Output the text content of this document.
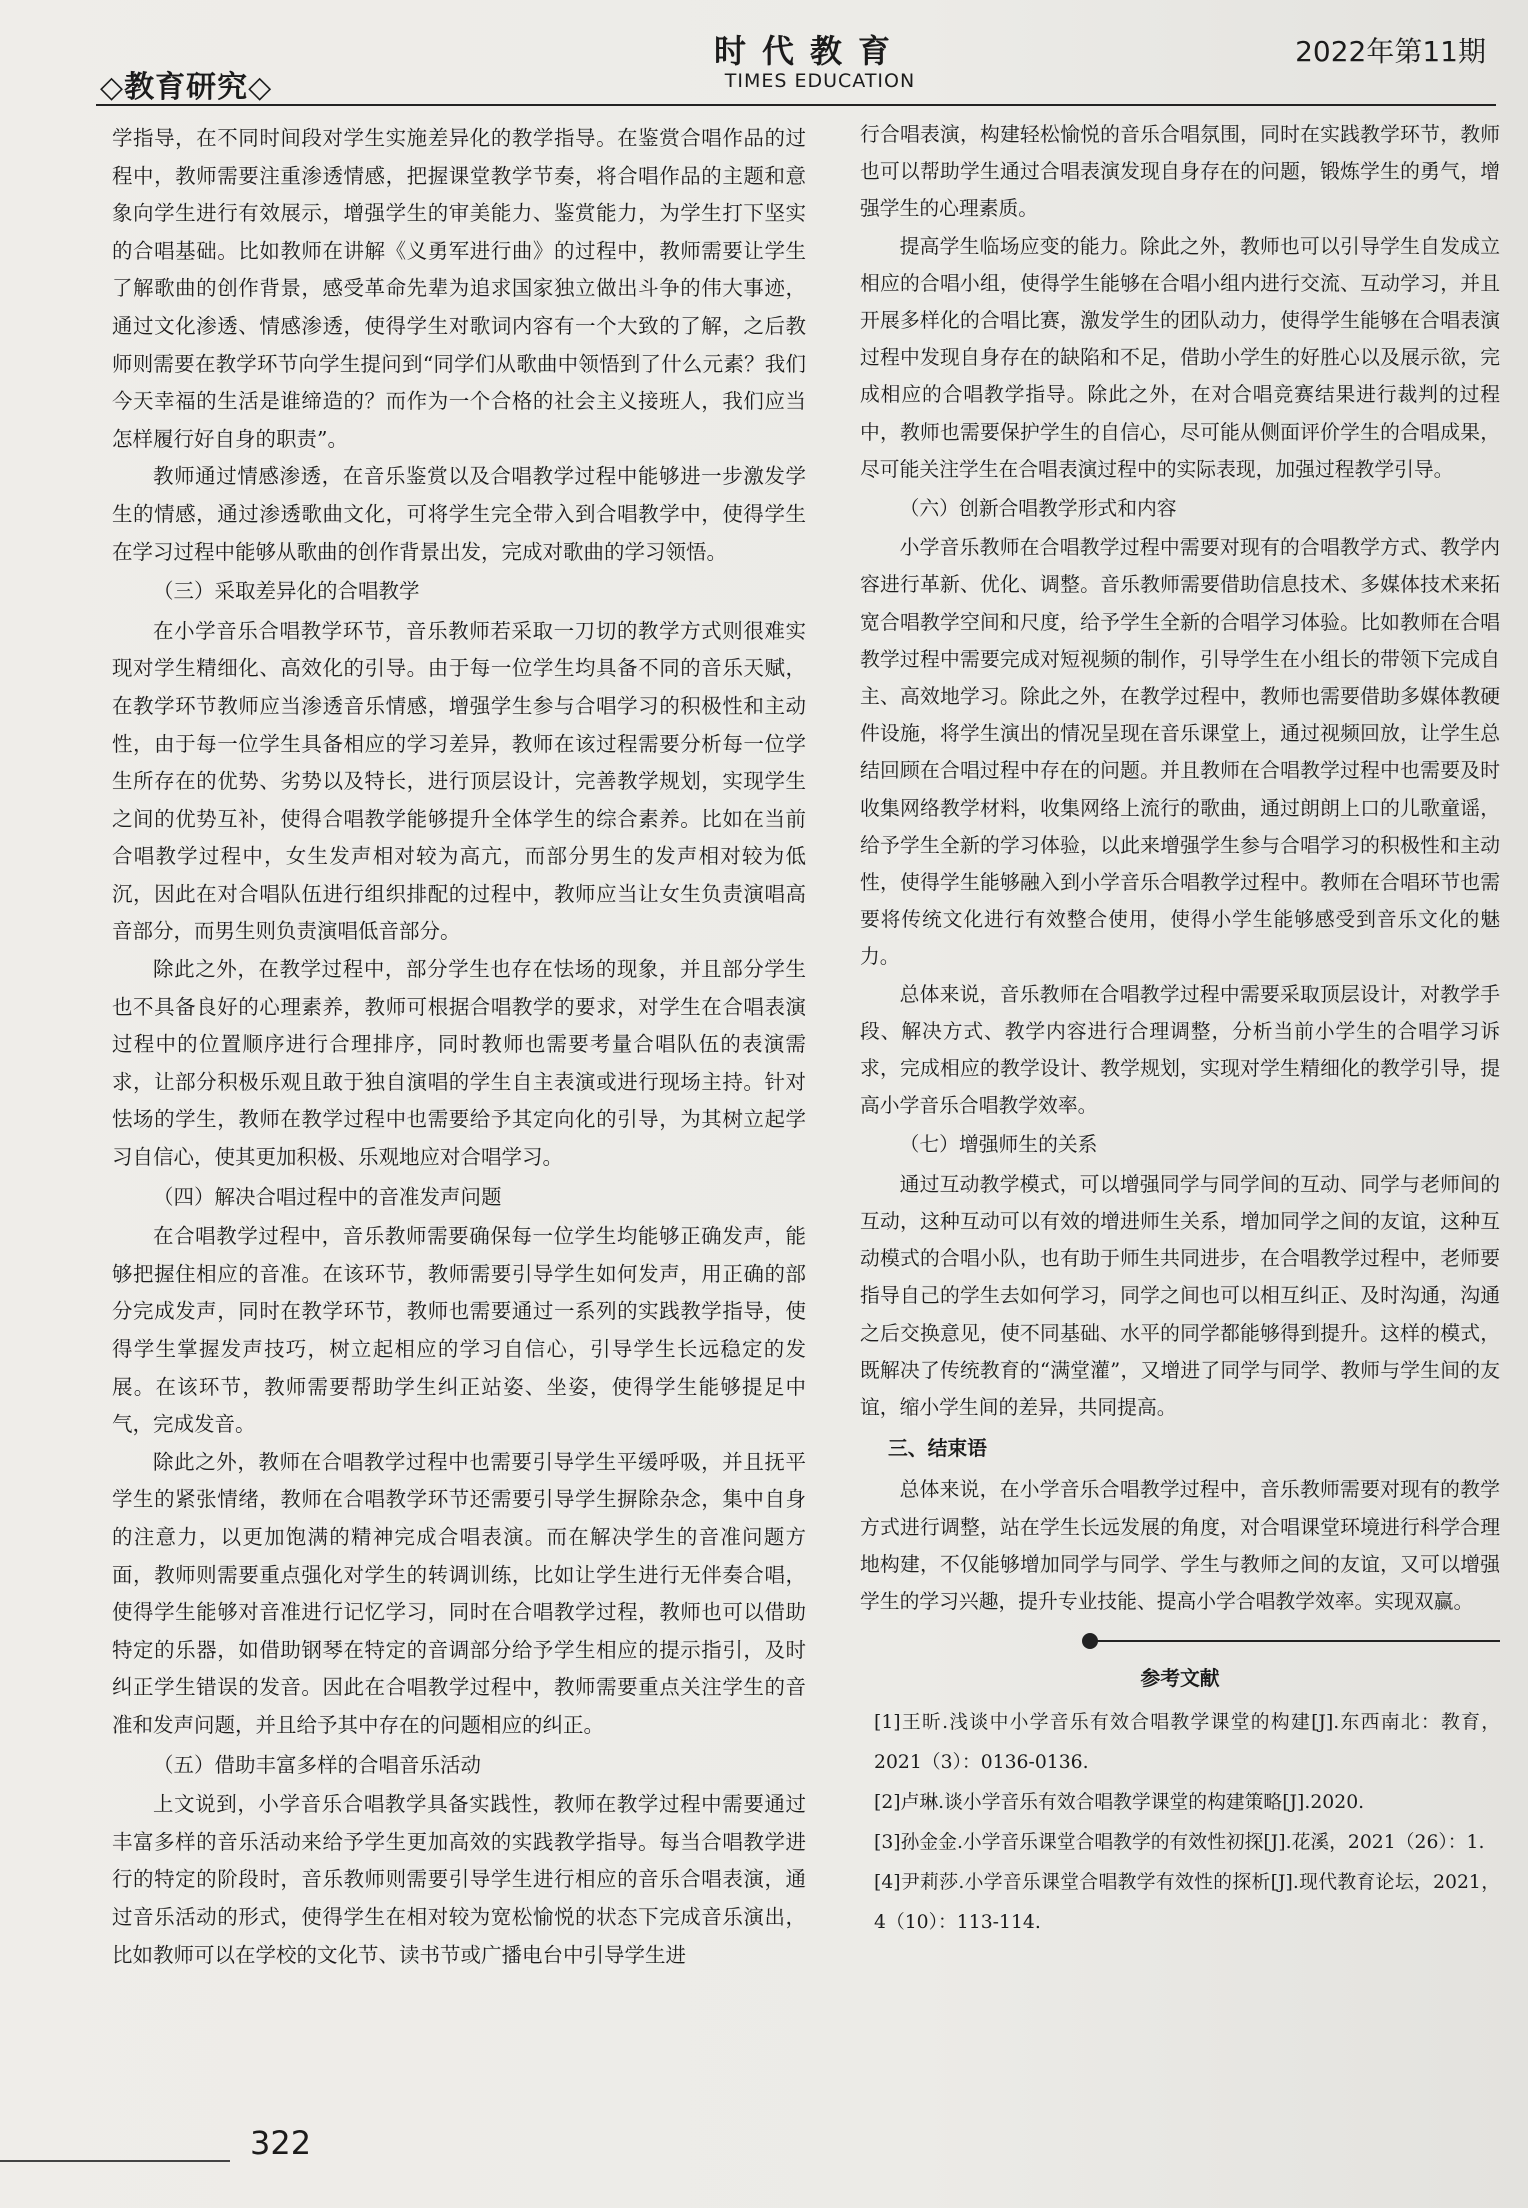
◇教育研究◇
时代教育
TIMES EDUCATION
2022年第11期

学指导，在不同时间段对学生实施差异化的教学指导。在鉴赏合唱作品的过程中，教师需要注重渗透情感，把握课堂教学节奏，将合唱作品的主题和意象向学生进行有效展示，增强学生的审美能力、鉴赏能力，为学生打下坚实的合唱基础。比如教师在讲解《义勇军进行曲》的过程中，教师需要让学生了解歌曲的创作背景，感受革命先辈为追求国家独立做出斗争的伟大事迹，通过文化渗透、情感渗透，使得学生对歌词内容有一个大致的了解，之后教师则需要在教学环节向学生提问到“同学们从歌曲中领悟到了什么元素？我们今天幸福的生活是谁缔造的？而作为一个合格的社会主义接班人，我们应当怎样履行好自身的职责”。

教师通过情感渗透，在音乐鉴赏以及合唱教学过程中能够进一步激发学生的情感，通过渗透歌曲文化，可将学生完全带入到合唱教学中，使得学生在学习过程中能够从歌曲的创作背景出发，完成对歌曲的学习领悟。

（三）采取差异化的合唱教学

在小学音乐合唱教学环节，音乐教师若采取一刀切的教学方式则很难实现对学生精细化、高效化的引导。由于每一位学生均具备不同的音乐天赋，在教学环节教师应当渗透音乐情感，增强学生参与合唱学习的积极性和主动性，由于每一位学生具备相应的学习差异，教师在该过程需要分析每一位学生所存在的优势、劣势以及特长，进行顶层设计，完善教学规划，实现学生之间的优势互补，使得合唱教学能够提升全体学生的综合素养。比如在当前合唱教学过程中，女生发声相对较为高亢，而部分男生的发声相对较为低沉，因此在对合唱队伍进行组织排配的过程中，教师应当让女生负责演唱高音部分，而男生则负责演唱低音部分。

除此之外，在教学过程中，部分学生也存在怯场的现象，并且部分学生也不具备良好的心理素养，教师可根据合唱教学的要求，对学生在合唱表演过程中的位置顺序进行合理排序，同时教师也需要考量合唱队伍的表演需求，让部分积极乐观且敢于独自演唱的学生自主表演或进行现场主持。针对怯场的学生，教师在教学过程中也需要给予其定向化的引导，为其树立起学习自信心，使其更加积极、乐观地应对合唱学习。

（四）解决合唱过程中的音准发声问题

在合唱教学过程中，音乐教师需要确保每一位学生均能够正确发声，能够把握住相应的音准。在该环节，教师需要引导学生如何发声，用正确的部分完成发声，同时在教学环节，教师也需要通过一系列的实践教学指导，使得学生掌握发声技巧，树立起相应的学习自信心，引导学生长远稳定的发展。在该环节，教师需要帮助学生纠正站姿、坐姿，使得学生能够提足中气，完成发音。

除此之外，教师在合唱教学过程中也需要引导学生平缓呼吸，并且抚平学生的紧张情绪，教师在合唱教学环节还需要引导学生摒除杂念，集中自身的注意力，以更加饱满的精神完成合唱表演。而在解决学生的音准问题方面，教师则需要重点强化对学生的转调训练，比如让学生进行无伴奏合唱，使得学生能够对音准进行记忆学习，同时在合唱教学过程，教师也可以借助特定的乐器，如借助钢琴在特定的音调部分给予学生相应的提示指引，及时纠正学生错误的发音。因此在合唱教学过程中，教师需要重点关注学生的音准和发声问题，并且给予其中存在的问题相应的纠正。

（五）借助丰富多样的合唱音乐活动

上文说到，小学音乐合唱教学具备实践性，教师在教学过程中需要通过丰富多样的音乐活动来给予学生更加高效的实践教学指导。每当合唱教学进行的特定的阶段时，音乐教师则需要引导学生进行相应的音乐合唱表演，通过音乐活动的形式，使得学生在相对较为宽松愉悦的状态下完成音乐演出，比如教师可以在学校的文化节、读书节或广播电台中引导学生进

行合唱表演，构建轻松愉悦的音乐合唱氛围，同时在实践教学环节，教师也可以帮助学生通过合唱表演发现自身存在的问题，锻炼学生的勇气，增强学生的心理素质。

提高学生临场应变的能力。除此之外，教师也可以引导学生自发成立相应的合唱小组，使得学生能够在合唱小组内进行交流、互动学习，并且开展多样化的合唱比赛，激发学生的团队动力，使得学生能够在合唱表演过程中发现自身存在的缺陷和不足，借助小学生的好胜心以及展示欲，完成相应的合唱教学指导。除此之外，在对合唱竞赛结果进行裁判的过程中，教师也需要保护学生的自信心，尽可能从侧面评价学生的合唱成果，尽可能关注学生在合唱表演过程中的实际表现，加强过程教学引导。

（六）创新合唱教学形式和内容

小学音乐教师在合唱教学过程中需要对现有的合唱教学方式、教学内容进行革新、优化、调整。音乐教师需要借助信息技术、多媒体技术来拓宽合唱教学空间和尺度，给予学生全新的合唱学习体验。比如教师在合唱教学过程中需要完成对短视频的制作，引导学生在小组长的带领下完成自主、高效地学习。除此之外，在教学过程中，教师也需要借助多媒体教硬件设施，将学生演出的情况呈现在音乐课堂上，通过视频回放，让学生总结回顾在合唱过程中存在的问题。并且教师在合唱教学过程中也需要及时收集网络教学材料，收集网络上流行的歌曲，通过朗朗上口的儿歌童谣，给予学生全新的学习体验，以此来增强学生参与合唱学习的积极性和主动性，使得学生能够融入到小学音乐合唱教学过程中。教师在合唱环节也需要将传统文化进行有效整合使用，使得小学生能够感受到音乐文化的魅力。

总体来说，音乐教师在合唱教学过程中需要采取顶层设计，对教学手段、解决方式、教学内容进行合理调整，分析当前小学生的合唱学习诉求，完成相应的教学设计、教学规划，实现对学生精细化的教学引导，提高小学音乐合唱教学效率。

（七）增强师生的关系

通过互动教学模式，可以增强同学与同学间的互动、同学与老师间的互动，这种互动可以有效的增进师生关系，增加同学之间的友谊，这种互动模式的合唱小队，也有助于师生共同进步，在合唱教学过程中，老师要指导自己的学生去如何学习，同学之间也可以相互纠正、及时沟通，沟通之后交换意见，使不同基础、水平的同学都能够得到提升。这样的模式，既解决了传统教育的“满堂灌”，又增进了同学与同学、教师与学生间的友谊，缩小学生间的差异，共同提高。

三、结束语

总体来说，在小学音乐合唱教学过程中，音乐教师需要对现有的教学方式进行调整，站在学生长远发展的角度，对合唱课堂环境进行科学合理地构建，不仅能够增加同学与同学、学生与教师之间的友谊，又可以增强学生的学习兴趣，提升专业技能、提高小学合唱教学效率。实现双赢。

参考文献

[1]王昕.浅谈中小学音乐有效合唱教学课堂的构建[J].东西南北：教育，2021（3）：0136-0136.

[2]卢琳.谈小学音乐有效合唱教学课堂的构建策略[J].2020.

[3]孙金金.小学音乐课堂合唱教学的有效性初探[J].花溪，2021（26）：1.

[4]尹莉莎.小学音乐课堂合唱教学有效性的探析[J].现代教育论坛，2021，4（10）：113-114.

322
